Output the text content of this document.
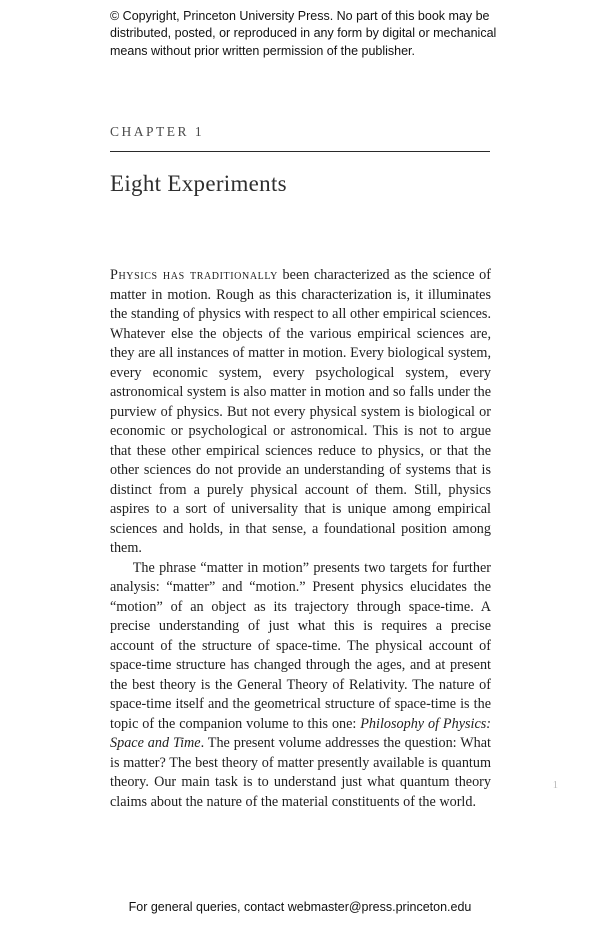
© Copyright, Princeton University Press. No part of this book may be distributed, posted, or reproduced in any form by digital or mechanical means without prior written permission of the publisher.
CHAPTER 1
Eight Experiments

Physics has traditionally been characterized as the science of matter in motion. Rough as this characterization is, it illuminates the standing of physics with respect to all other empirical sciences. Whatever else the objects of the various empirical sciences are, they are all instances of matter in motion. Every biological system, every economic system, every psychological system, every astronomical system is also matter in motion and so falls under the purview of physics. But not every physical system is biological or economic or psychological or astronomical. This is not to argue that these other empirical sciences reduce to physics, or that the other sciences do not provide an understanding of systems that is distinct from a purely physical account of them. Still, physics aspires to a sort of universality that is unique among empirical sciences and holds, in that sense, a foundational position among them.

The phrase “matter in motion” presents two targets for further analysis: “matter” and “motion.” Present physics elucidates the “motion” of an object as its trajectory through space-time. A precise understanding of just what this is requires a precise account of the structure of space-time. The physical account of space-time structure has changed through the ages, and at present the best theory is the General Theory of Relativity. The nature of space-time itself and the geometrical structure of space-time is the topic of the companion volume to this one: Philosophy of Physics: Space and Time. The present volume addresses the question: What is matter? The best theory of matter presently available is quantum theory. Our main task is to understand just what quantum theory claims about the nature of the material constituents of the world.

1
For general queries, contact webmaster@press.princeton.edu
